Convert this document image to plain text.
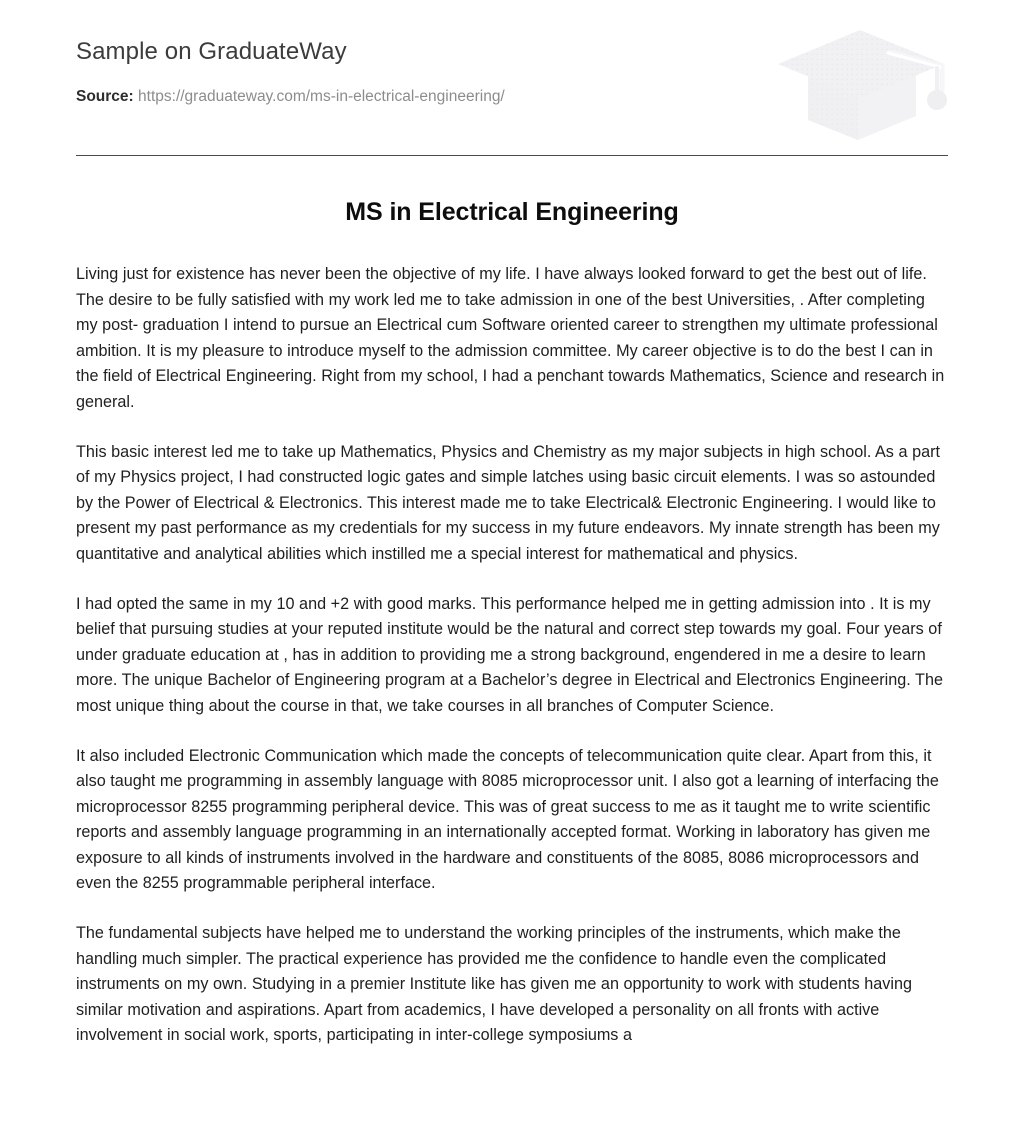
Sample on GraduateWay
Source: https://graduateway.com/ms-in-electrical-engineering/
MS in Electrical Engineering

Living just for existence has never been the objective of my life. I have always looked forward to get the best out of life. The desire to be fully satisfied with my work led me to take admission in one of the best Universities, . After completing my post- graduation I intend to pursue an Electrical cum Software oriented career to strengthen my ultimate professional ambition. It is my pleasure to introduce myself to the admission committee. My career objective is to do the best I can in the field of Electrical Engineering. Right from my school, I had a penchant towards Mathematics, Science and research in general.

This basic interest led me to take up Mathematics, Physics and Chemistry as my major subjects in high school. As a part of my Physics project, I had constructed logic gates and simple latches using basic circuit elements. I was so astounded by the Power of Electrical & Electronics. This interest made me to take Electrical& Electronic Engineering. I would like to present my past performance as my credentials for my success in my future endeavors. My innate strength has been my quantitative and analytical abilities which instilled me a special interest for mathematical and physics.

I had opted the same in my 10 and +2 with good marks. This performance helped me in getting admission into . It is my belief that pursuing studies at your reputed institute would be the natural and correct step towards my goal. Four years of under graduate education at , has in addition to providing me a strong background, engendered in me a desire to learn more. The unique Bachelor of Engineering program at a Bachelor’s degree in Electrical and Electronics Engineering. The most unique thing about the course in that, we take courses in all branches of Computer Science.

It also included Electronic Communication which made the concepts of telecommunication quite clear. Apart from this, it also taught me programming in assembly language with 8085 microprocessor unit. I also got a learning of interfacing the microprocessor 8255 programming peripheral device. This was of great success to me as it taught me to write scientific reports and assembly language programming in an internationally accepted format. Working in laboratory has given me exposure to all kinds of instruments involved in the hardware and constituents of the 8085, 8086 microprocessors and even the 8255 programmable peripheral interface.

The fundamental subjects have helped me to understand the working principles of the instruments, which make the handling much simpler. The practical experience has provided me the confidence to handle even the complicated instruments on my own. Studying in a premier Institute like has given me an opportunity to work with students having similar motivation and aspirations. Apart from academics, I have developed a personality on all fronts with active involvement in social work, sports, participating in inter-college symposiums a
